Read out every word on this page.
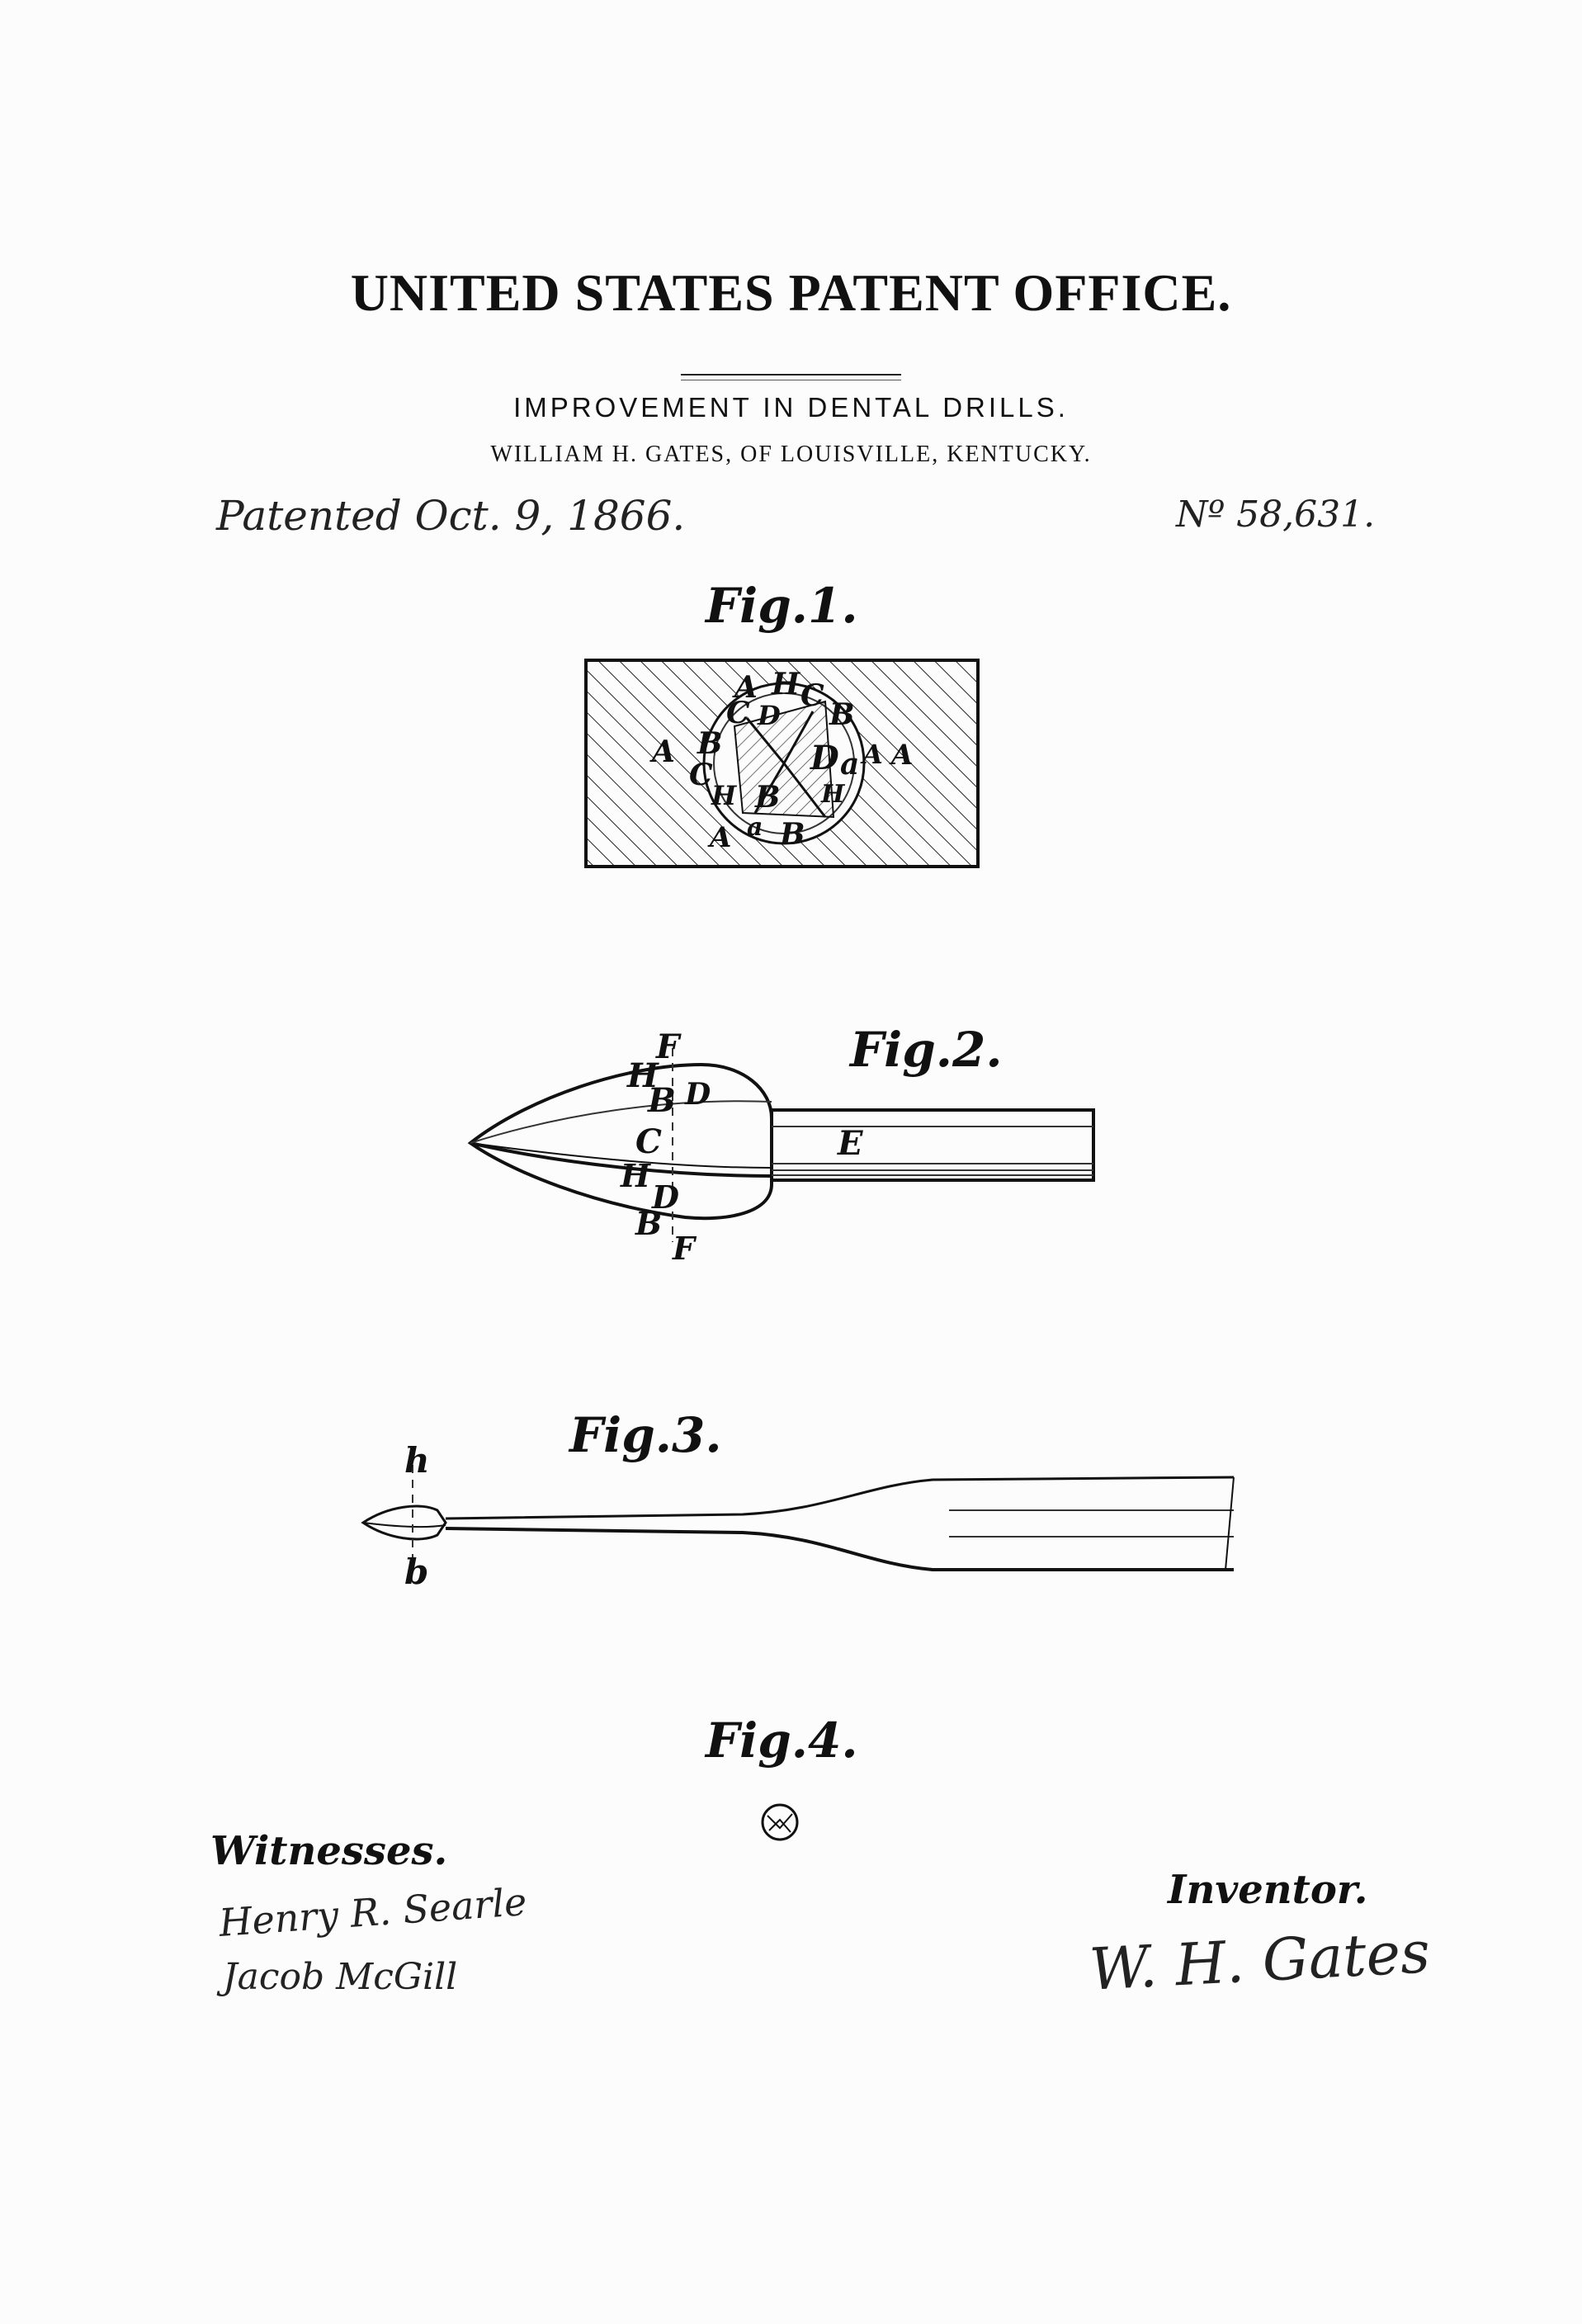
UNITED STATES PATENT OFFICE.
IMPROVEMENT IN DENTAL DRILLS.
WILLIAM H. GATES, OF LOUISVILLE, KENTUCKY.
Patented Oct. 9, 1866.	Nº 58,631.
Fig.1.
A H C
B
C D
A B	D a A
C
H B H
A
A a B
Fig.2.
F
H
B D
C
H
D
B
F
E
Fig.3.
h
b
Fig.4.
Witnesses.
Henry R. Searle
Jacob McGill
Inventor.
W. H. Gates
